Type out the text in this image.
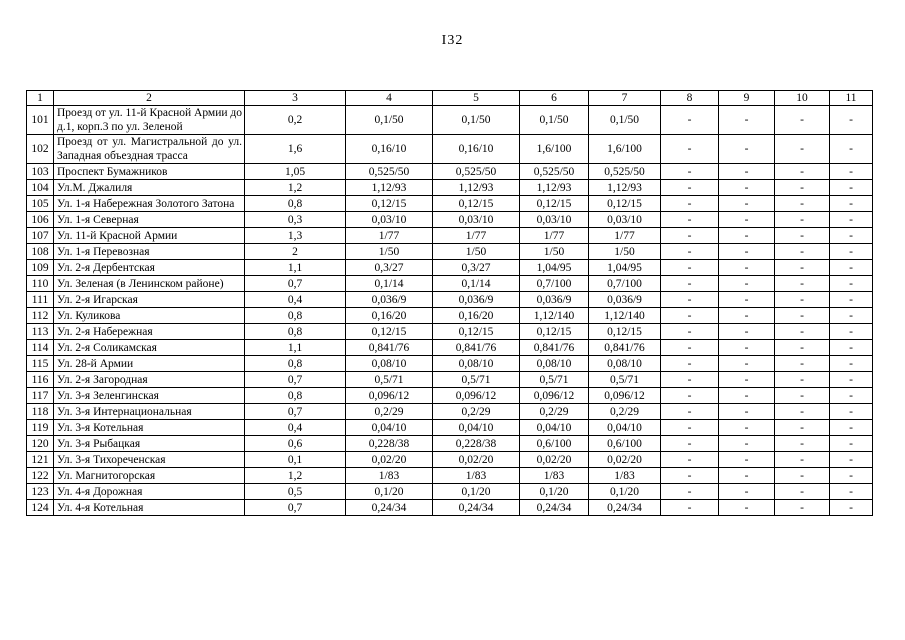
I32
1	2	3	4	5	6	7	8	9	10	11
101	Проезд от ул. 11-й Красной Армии до д.1, корп.3 по ул. Зеленой	0,2	0,1/50	0,1/50	0,1/50	0,1/50	-	-	-	-
102	Проезд от ул. Магистральной до ул. Западная объездная трасса	1,6	0,16/10	0,16/10	1,6/100	1,6/100	-	-	-	-
103	Проспект Бумажников	1,05	0,525/50	0,525/50	0,525/50	0,525/50	-	-	-	-
104	Ул.М. Джалиля	1,2	1,12/93	1,12/93	1,12/93	1,12/93	-	-	-	-
105	Ул. 1-я Набережная Золотого Затона	0,8	0,12/15	0,12/15	0,12/15	0,12/15	-	-	-	-
106	Ул. 1-я Северная	0,3	0,03/10	0,03/10	0,03/10	0,03/10	-	-	-	-
107	Ул. 11-й Красной Армии	1,3	1/77	1/77	1/77	1/77	-	-	-	-
108	Ул. 1-я Перевозная	2	1/50	1/50	1/50	1/50	-	-	-	-
109	Ул. 2-я Дербентская	1,1	0,3/27	0,3/27	1,04/95	1,04/95	-	-	-	-
110	Ул. Зеленая (в Ленинском районе)	0,7	0,1/14	0,1/14	0,7/100	0,7/100	-	-	-	-
111	Ул. 2-я Игарская	0,4	0,036/9	0,036/9	0,036/9	0,036/9	-	-	-	-
112	Ул. Куликова	0,8	0,16/20	0,16/20	1,12/140	1,12/140	-	-	-	-
113	Ул. 2-я Набережная	0,8	0,12/15	0,12/15	0,12/15	0,12/15	-	-	-	-
114	Ул. 2-я Соликамская	1,1	0,841/76	0,841/76	0,841/76	0,841/76	-	-	-	-
115	Ул. 28-й Армии	0,8	0,08/10	0,08/10	0,08/10	0,08/10	-	-	-	-
116	Ул. 2-я Загородная	0,7	0,5/71	0,5/71	0,5/71	0,5/71	-	-	-	-
117	Ул. 3-я Зеленгинская	0,8	0,096/12	0,096/12	0,096/12	0,096/12	-	-	-	-
118	Ул. 3-я Интернациональная	0,7	0,2/29	0,2/29	0,2/29	0,2/29	-	-	-	-
119	Ул. 3-я Котельная	0,4	0,04/10	0,04/10	0,04/10	0,04/10	-	-	-	-
120	Ул. 3-я Рыбацкая	0,6	0,228/38	0,228/38	0,6/100	0,6/100	-	-	-	-
121	Ул. 3-я Тихореченская	0,1	0,02/20	0,02/20	0,02/20	0,02/20	-	-	-	-
122	Ул. Магнитогорская	1,2	1/83	1/83	1/83	1/83	-	-	-	-
123	Ул. 4-я Дорожная	0,5	0,1/20	0,1/20	0,1/20	0,1/20	-	-	-	-
124	Ул. 4-я Котельная	0,7	0,24/34	0,24/34	0,24/34	0,24/34	-	-	-	-
